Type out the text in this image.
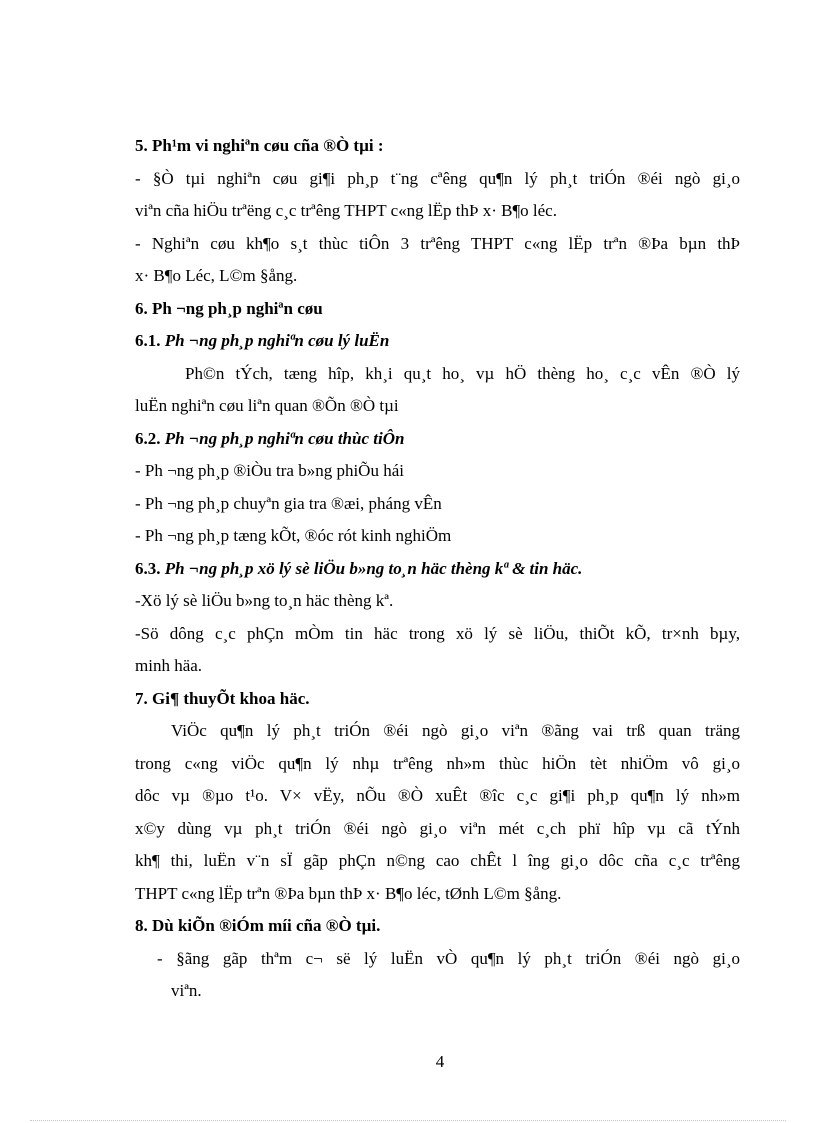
5. Ph¹m vi nghiªn cøu cña ®Ò tµi :

- §Ò tµi nghiªn cøu gi¶i ph¸p t¨ng cªêng qu¶n lý ph¸t triÓn ®éi ngò gi¸o

viªn cña hiÖu trªëng c¸c trªêng THPT c«ng lËp thÞ x· B¶o léc.

- Nghiªn cøu kh¶o s¸t thùc tiÔn 3 trªêng THPT c«ng lËp trªn ®Þa bµn thÞ

x· B¶o Léc, L©m §ång.

6. Ph ¬ng ph¸p nghiªn cøu

6.1. Ph ¬ng ph¸p nghiªn cøu lý luËn

Ph©n tÝch, tæng hîp, kh¸i qu¸t ho¸ vµ hÖ thèng ho¸ c¸c vÊn ®Ò lý

luËn nghiªn cøu liªn quan ®Õn ®Ò tµi

6.2. Ph ¬ng ph¸p nghiªn cøu thùc tiÔn

- Ph ¬ng ph¸p ®iÒu tra b»ng phiÕu hái

- Ph ¬ng ph¸p chuyªn gia tra ®æi, pháng vÊn

- Ph ¬ng ph¸p tæng kÕt, ®óc rót kinh nghiÖm

6.3. Ph ¬ng ph¸p xö lý sè liÖu b»ng to¸n häc thèng kª & tin häc.

-Xö lý sè liÖu b»ng to¸n häc thèng kª.

-Sö dông c¸c phÇn mÒm tin häc trong xö lý sè liÖu, thiÕt kÕ, tr×nh bµy,

minh häa.

7. Gi¶ thuyÕt khoa häc.

ViÖc qu¶n lý ph¸t triÓn ®éi ngò gi¸o viªn ®ãng vai trß quan träng

trong c«ng viÖc qu¶n lý nhµ trªêng nh»m thùc hiÖn tèt nhiÖm vô gi¸o

dôc vµ ®µo t¹o. V× vËy, nÕu ®Ò xuÊt ®îc c¸c gi¶i ph¸p qu¶n lý nh»m

x©y dùng vµ ph¸t triÓn ®éi ngò gi¸o viªn mét c¸ch phï hîp vµ cã tÝnh

kh¶ thi, luËn v¨n sÏ gãp phÇn n©ng cao chÊt l îng gi¸o dôc cña c¸c trªêng

THPT c«ng lËp trªn ®Þa bµn thÞ x· B¶o léc, tØnh L©m §ång.

8. Dù kiÕn ®iÓm míi cña ®Ò tµi.

- §ãng gãp thªm c¬ së lý luËn vÒ qu¶n lý ph¸t triÓn ®éi ngò gi¸o

viªn.

4
